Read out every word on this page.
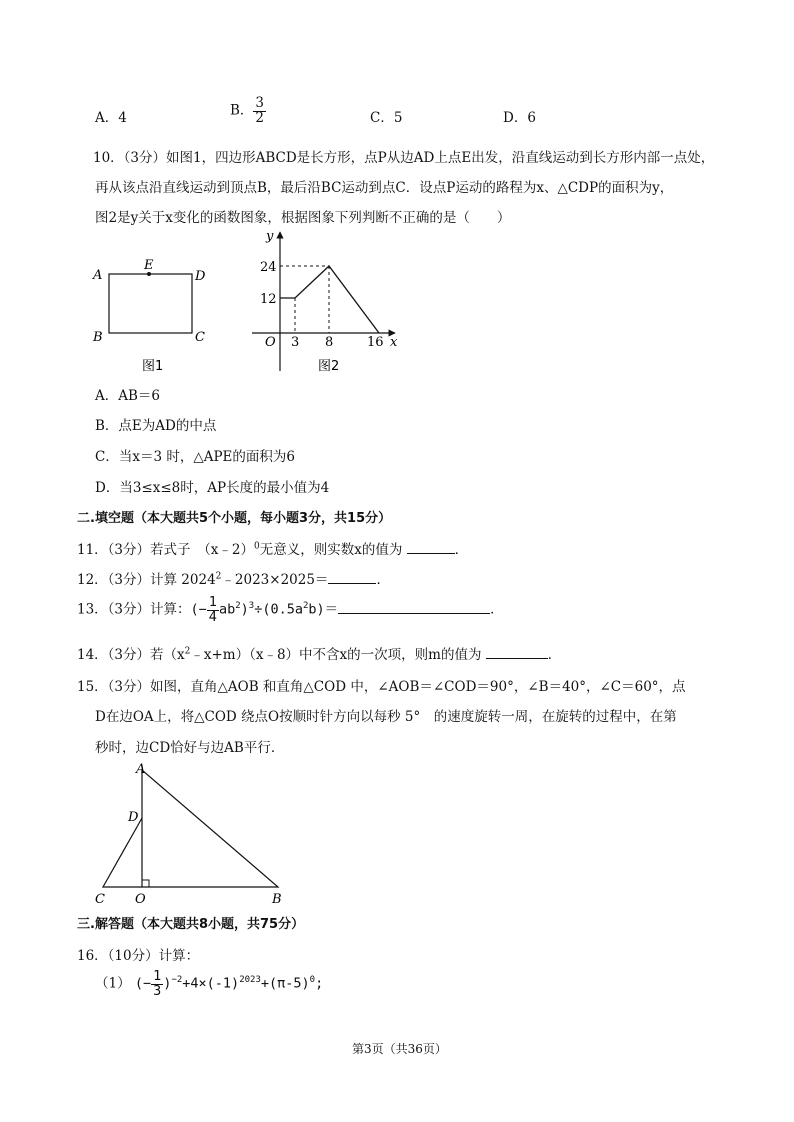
A．4	B． $\frac{3}{2}$	C．5	D．6
10．（3分）如图1，四边形ABCD是长方形，点P从边AD上点E出发，沿直线运动到长方形内部一点处，
再从该点沿直线运动到顶点B，最后沿BC运动到点C．设点P运动的路程为x、△CDP的面积为y，
图2是y关于x变化的函数图象，根据图象下列判断不正确的是（　　）
A
E
D
B	C
图1
y
x
O
24
12
3 8	16
图2
A．AB＝6
B．点E为AD的中点
C．当x＝3 时，△APE的面积为6
D．当3≤x≤8时，AP长度的最小值为4
二.填空题（本大题共5个小题，每小题3分，共15分）
11．（3分）若式子　（x﹣2）$^0$无意义，则实数x的值为	．
12．（3分）计算 $2024^2﹣2023\times 2025=$	．
13．（3分）计算：(− $\frac{1}{4} ab^2)^3\div(0.5a^2b)=$	．
14．（3分）若$(x^2﹣x+m)(x﹣8)$中不含x的一次项，则m的值为	．
15．（3分）如图，直角△AOB 和直角△COD 中，∠AOB＝∠COD＝90°，∠B＝40°，∠C＝60°，点
D在边OA上，将△COD 绕点O按顺时针方向以每秒 5°　的速度旋转一周，在旋转的过程中，在第
秒时，边CD恰好与边AB平行．
A
D
C O	B
三.解答题（本大题共8小题，共75分）
16．（10分）计算：
（1） (− $\frac{1}{3} )^{-2}+4\times(-1)^{2023}+(\pi-5)^0$;
第3页（共36页）
